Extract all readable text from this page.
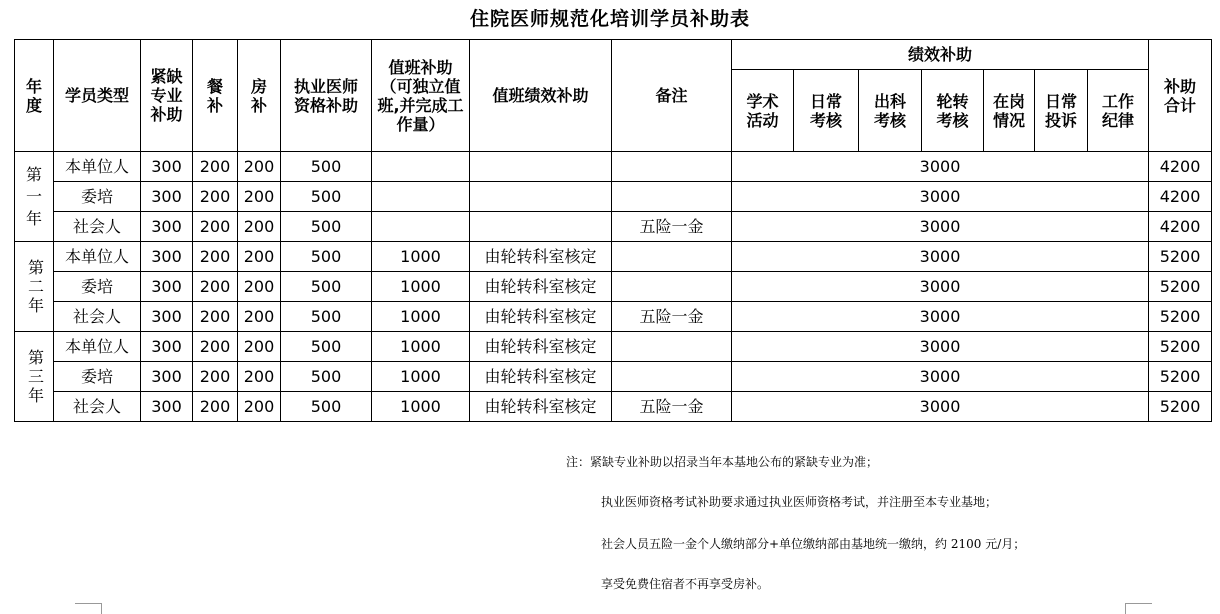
住院医师规范化培训学员补助表
年度	学员类型	紧缺专业补助	餐补	房补	执业医师资格补助	值班补助（可独立值班,并完成工作量）	值班绩效补助	备注	绩效补助							补助合计
									学术活动	日常考核	出科考核	轮转考核	在岗情况	日常投诉	工作纪律	
第一年	本单位人	300	200	200	500				3000							4200
	委培	300	200	200	500				3000							4200
	社会人	300	200	200	500			五险一金	3000							4200
第二年	本单位人	300	200	200	500	1000	由轮转科室核定		3000							5200
	委培	300	200	200	500	1000	由轮转科室核定		3000							5200
	社会人	300	200	200	500	1000	由轮转科室核定	五险一金	3000							5200
第三年	本单位人	300	200	200	500	1000	由轮转科室核定		3000							5200
	委培	300	200	200	500	1000	由轮转科室核定		3000							5200
	社会人	300	200	200	500	1000	由轮转科室核定	五险一金	3000							5200
注：紧缺专业补助以招录当年本基地公布的紧缺专业为准；
执业医师资格考试补助要求通过执业医师资格考试，并注册至本专业基地；
社会人员五险一金个人缴纳部分+单位缴纳部由基地统一缴纳，约 2100 元/月；
享受免费住宿者不再享受房补。
